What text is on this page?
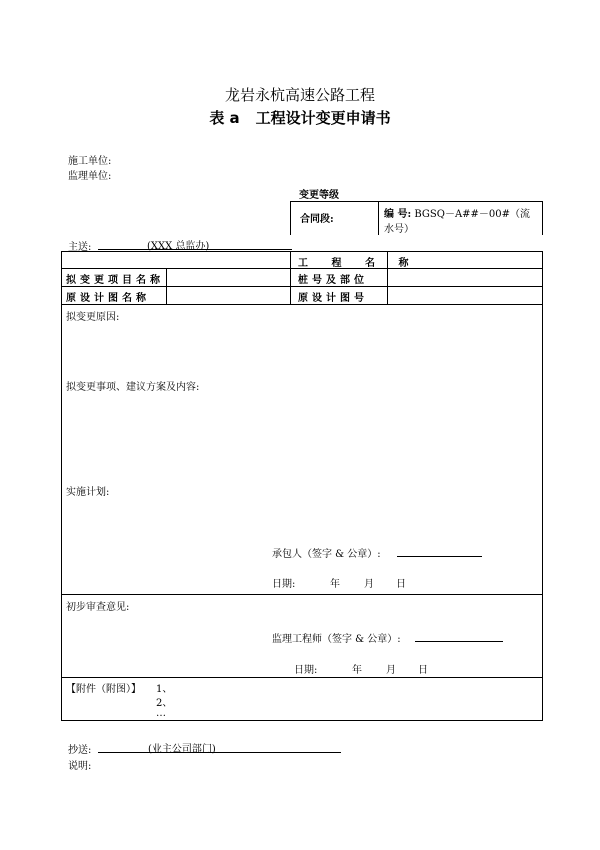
龙岩永杭高速公路工程
表 a 工程设计变更申请书
施工单位:
监理单位:
变更等级
合同段:	编 号: BGSQ－A##－00#（流
水号）
主送:	(XXX 总监办)
工 程 名 称
拟变更项目名称	桩号及部位
原设计图名称	原设计图号
拟变更原因:
拟变更事项、建议方案及内容:
实施计划:
承包人（签字 & 公章）:
日期:	年 月 日
初步审查意见:
监理工程师（签字 & 公章）:
日期:	年 月 日
【附件（附图）】 1、
2、
…
抄送:	(业主公司部门)
说明:
